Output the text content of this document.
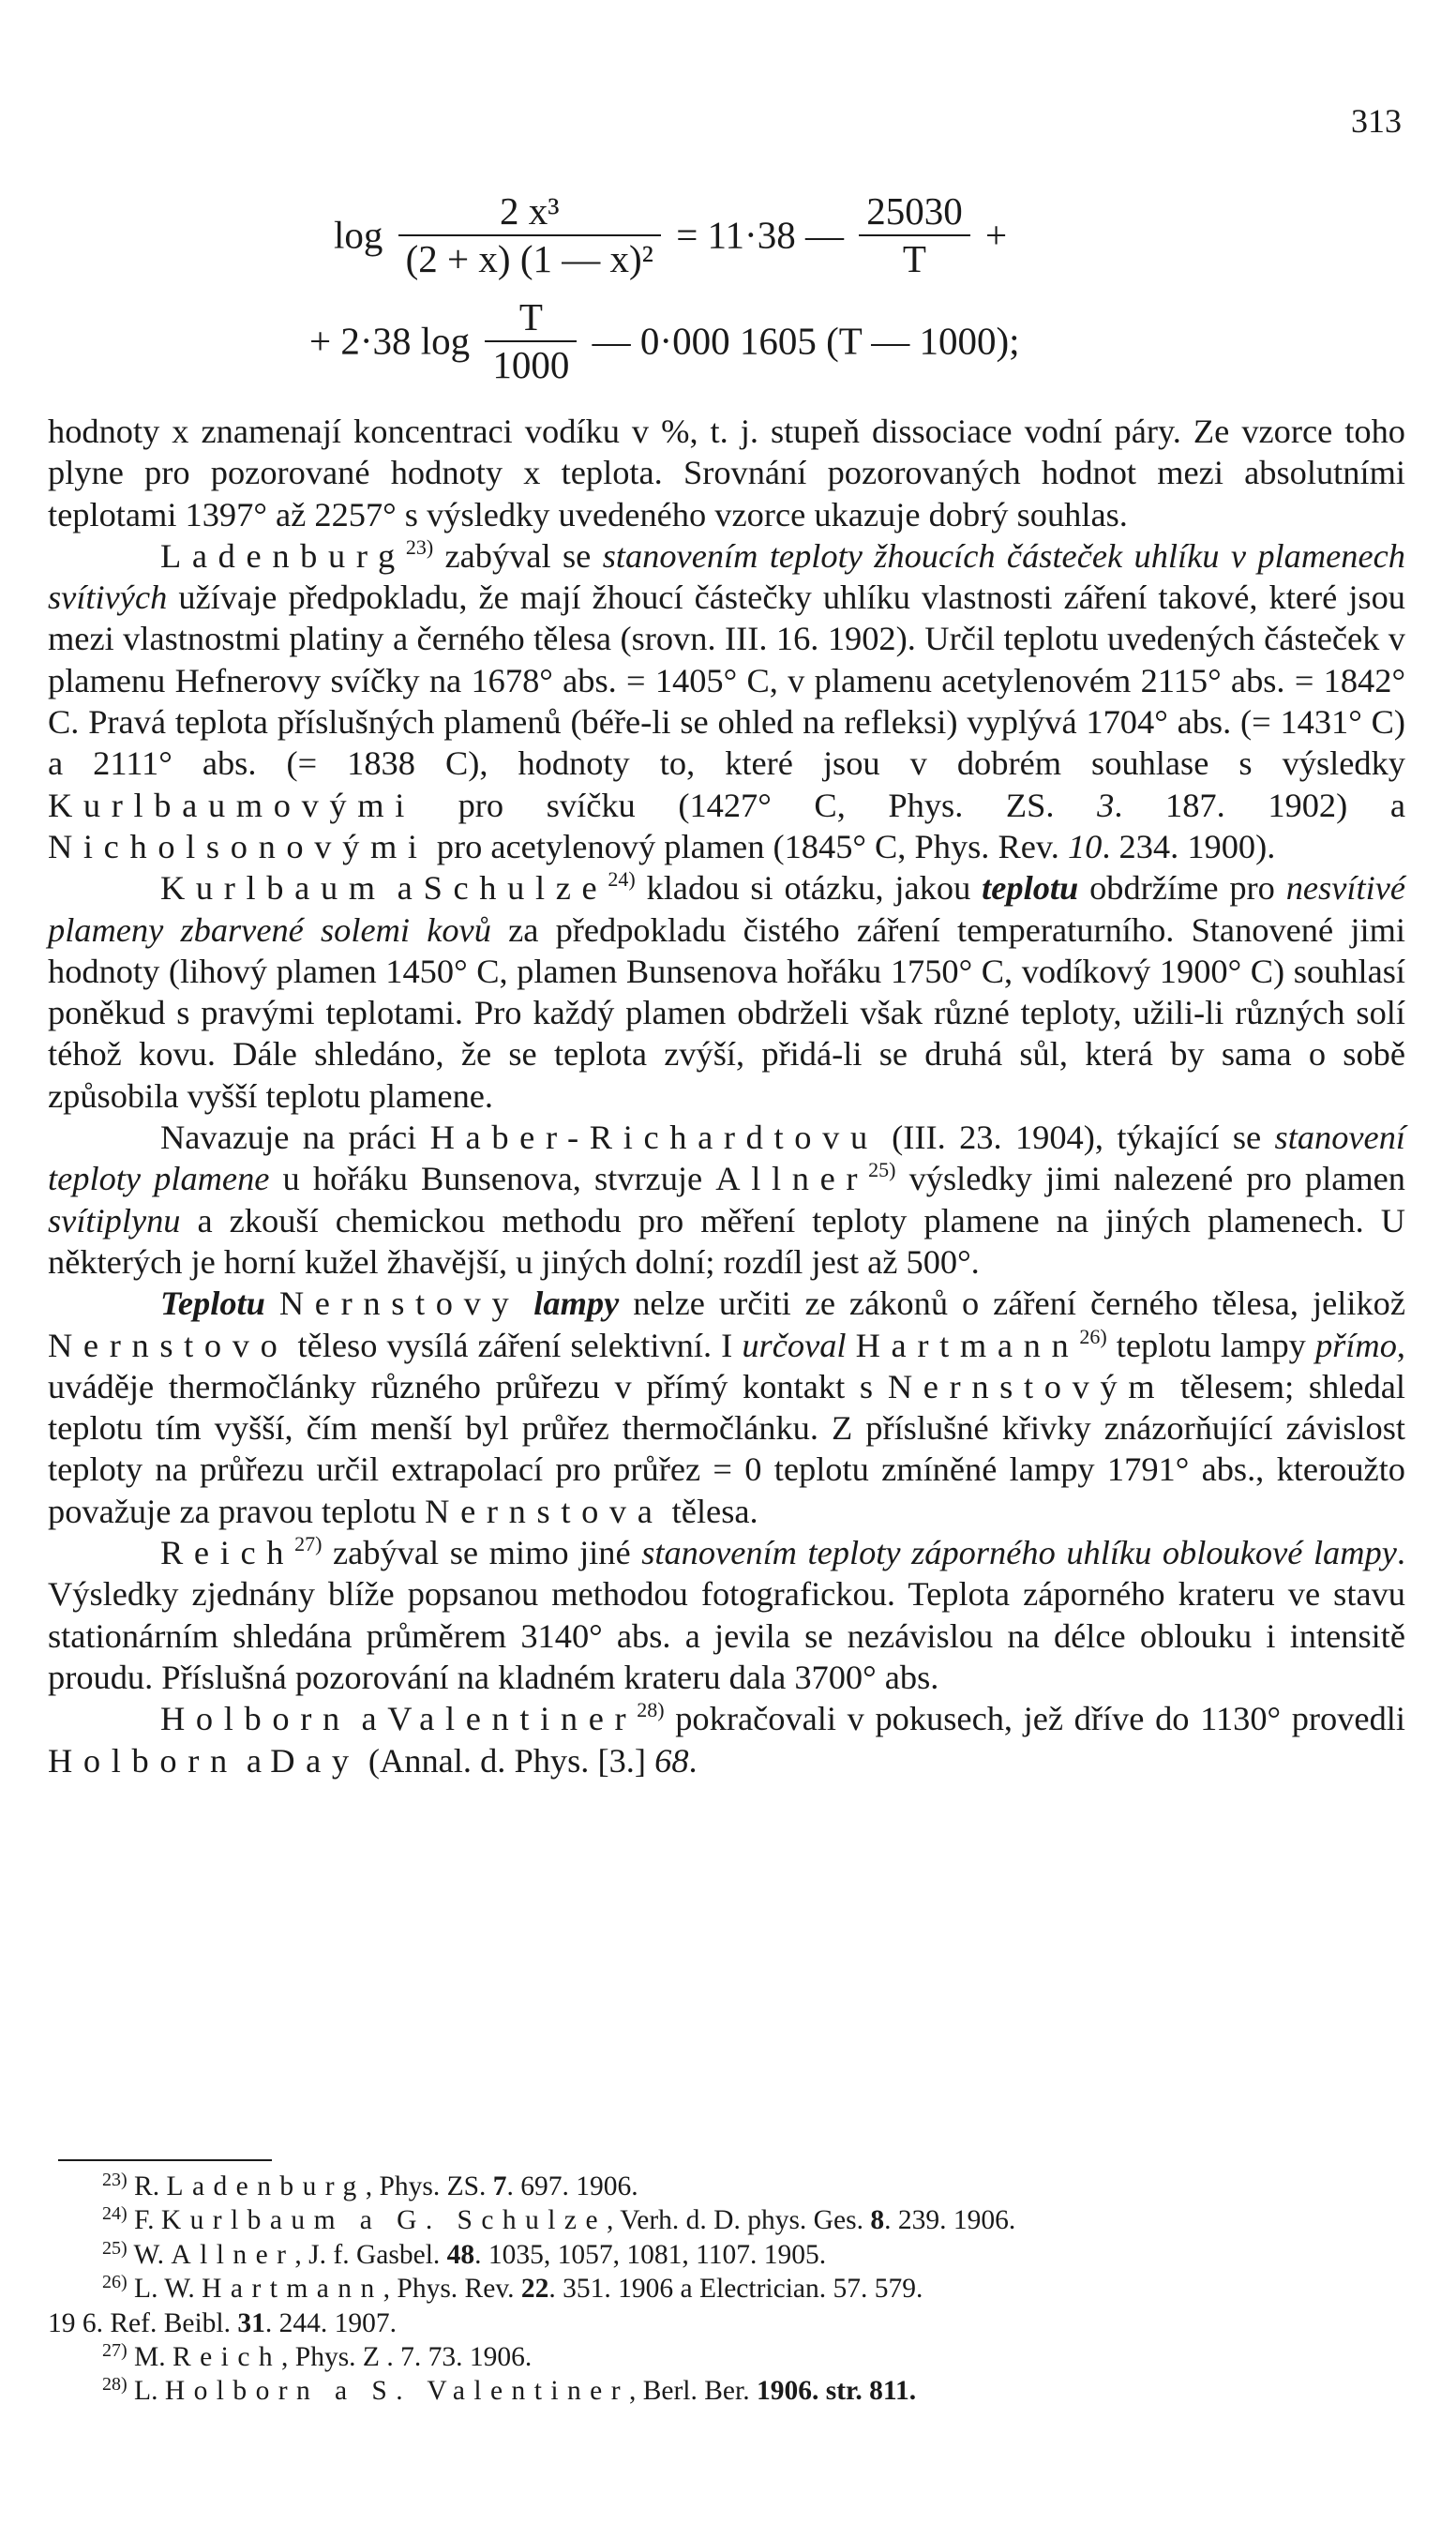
313
$\log \frac{\text{2 x³}}{\text{(2 + x) (1 — x)²}} = 11\cdot 38$ — $\frac{25030}{T}$ +
+ 2·38 $\log \frac{T}{1000}$ — 0·000 1605 (T — 1000);

hodnoty x znamenají koncentraci vodíku v %, t. j. stupeň dissociace vodní páry. Ze vzorce toho plyne pro pozorované hodnoty x teplota. Srovnání pozorovaných hodnot mezi absolutními teplotami 1397° až 2257° s výsledky uvedeného vzorce ukazuje dobrý souhlas.

Ladenburg$^{23)}$ zabýval se stanovením teploty žhoucích částeček uhlíku v plamenech svítivých užívaje předpokladu, že mají žhoucí částečky uhlíku vlastnosti záření takové, které jsou mezi vlastnostmi platiny a černého tělesa (srovn. III. 16. 1902). Určil teplotu uvedených částeček v plamenu Hefnerovy svíčky na 1678° abs. = 1405° C, v plamenu acetylenovém 2115° abs. = 1842° C. Pravá teplota příslušných plamenů (béře-li se ohled na refleksi) vyplývá 1704° abs. (= 1431° C) a 2111° abs. (= 1838 C), hodnoty to, které jsou v dobrém souhlase s výsledky Kurlbaumovými pro svíčku (1427° C, Phys. ZS. 3. 187. 1902) a Nicholsonovými pro acetylenový plamen (1845° C, Phys. Rev. 10. 234. 1900).

Kurlbaum a Schulze$^{24)}$ kladou si otázku, jakou teplotu obdržíme pro nesvítivé plameny zbarvené solemi kovů za předpokladu čistého záření temperaturního. Stanovené jimi hodnoty (lihový plamen 1450° C, plamen Bunsenova hořáku 1750° C, vodíkový 1900° C) souhlasí poněkud s pravými teplotami. Pro každý plamen obdrželi však různé teploty, užili-li různých solí téhož kovu. Dále shledáno, že se teplota zvýší, přidá-li se druhá sůl, která by sama o sobě způsobila vyšší teplotu plamene.

Navazuje na práci Haber-Richardtovu (III. 23. 1904), týkající se stanovení teploty plamene u hořáku Bunsenova, stvrzuje Allner$^{25)}$ výsledky jimi nalezené pro plamen svítiplynu a zkouší chemickou methodu pro měření teploty plamene na jiných plamenech. U některých je horní kužel žhavější, u jiných dolní; rozdíl jest až 500°.

Teplotu Nernstovy lampy nelze určiti ze zákonů o záření černého tělesa, jelikož Nernstovo těleso vysílá záření selektivní. I určoval Hartmann$^{26)}$ teplotu lampy přímo, uváděje thermočlánky různého průřezu v přímý kontakt s Nernstovým tělesem; shledal teplotu tím vyšší, čím menší byl průřez thermočlánku. Z příslušné křivky znázorňující závislost teploty na průřezu určil extrapolací pro průřez = 0 teplotu zmíněné lampy 1791° abs., kteroužto považuje za pravou teplotu Nernstova tělesa.

Reich$^{27)}$ zabýval se mimo jiné stanovením teploty záporného uhlíku obloukové lampy. Výsledky zjednány blíže popsanou methodou fotografickou. Teplota záporného krateru ve stavu stationárním shledána průměrem 3140° abs. a jevila se nezávislou na délce oblouku i intensitě proudu. Příslušná pozorování na kladném krateru dala 3700° abs.

Holborn a Valentiner$^{28)}$ pokračovali v pokusech, jež dříve do 1130° provedli Holborn a Day (Annal. d. Phys. [3.] 68.

$^{23)}$ R. Ladenburg, Phys. ZS. 7. 697. 1906.

$^{24)}$ F. Kurlbaum a G. Schulze, Verh. d. D. phys. Ges. 8. 239. 1906.

$^{25)}$ W. Allner, J. f. Gasbel. 48. 1035, 1057, 1081, 1107. 1905.

$^{26)}$ L. W. Hartmann, Phys. Rev. 22. 351. 1906 a Electrician. 57. 579.

19 6. Ref. Beibl. 31. 244. 1907.

$^{27)}$ M. Reich, Phys. Z . 7. 73. 1906.

$^{28)}$ L. Holborn a S. Valentiner, Berl. Ber. 1906. str. 811.
